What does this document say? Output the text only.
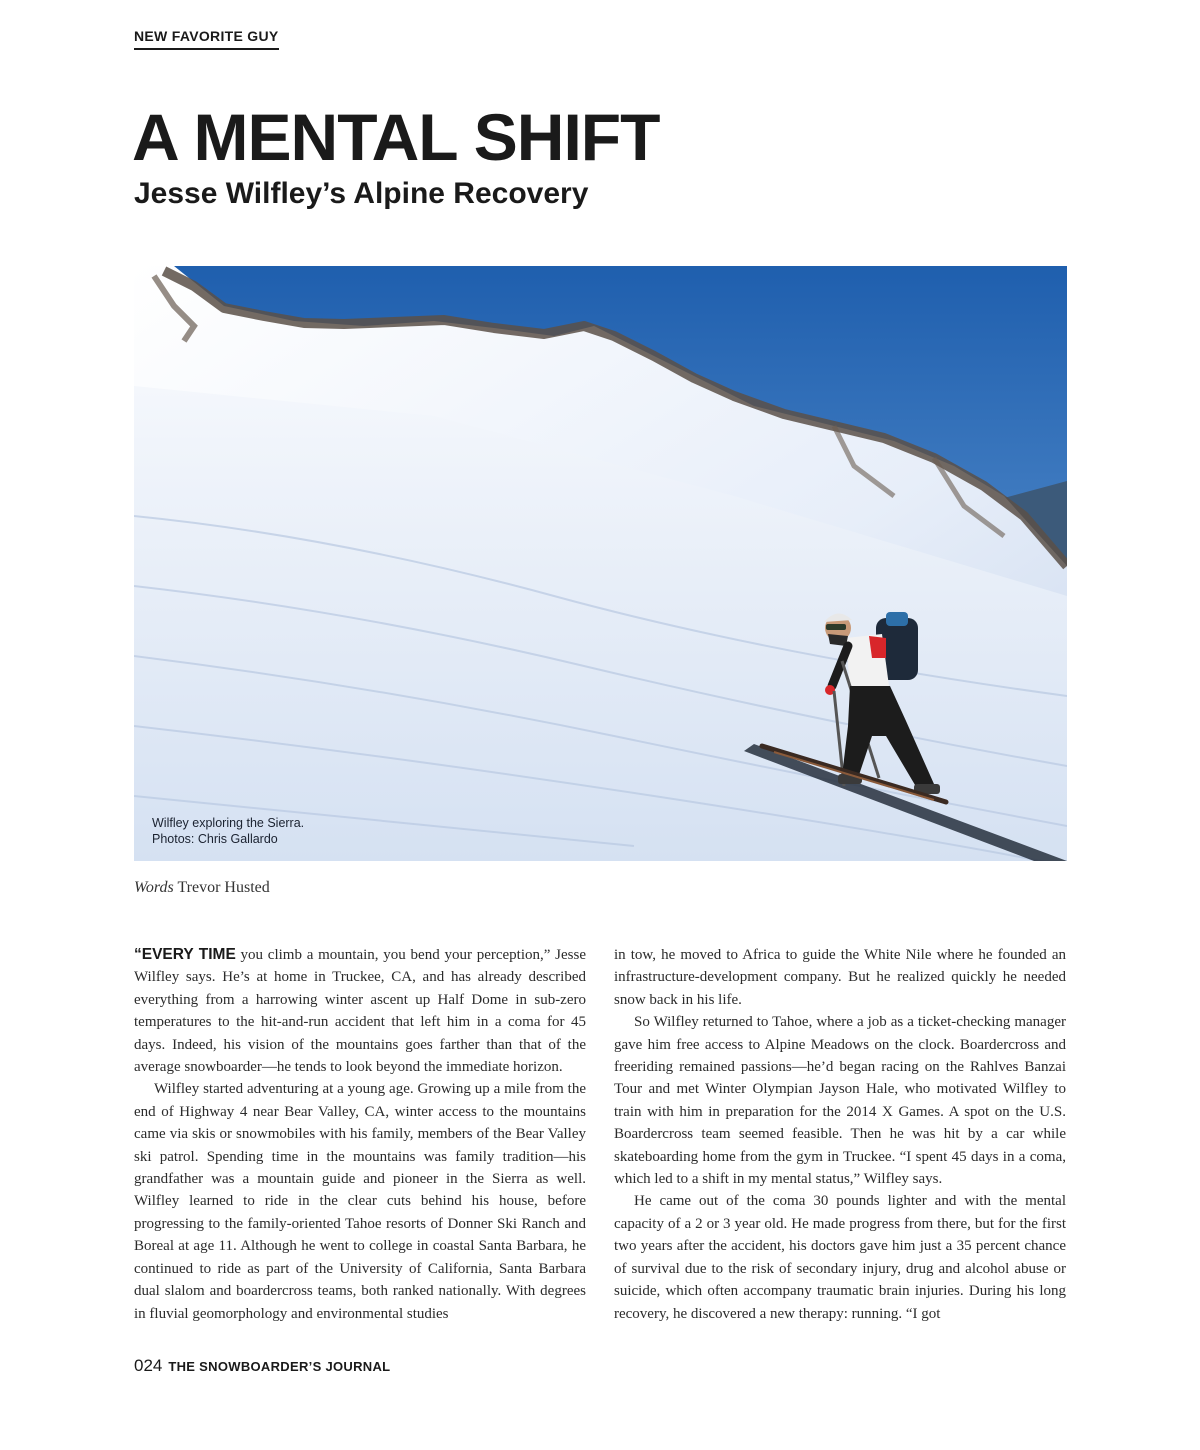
NEW FAVORITE GUY
A MENTAL SHIFT
Jesse Wilfley’s Alpine Recovery
Wilfley exploring the Sierra.
Photos: Chris Gallardo
Words Trevor Husted

“EVERY TIME you climb a mountain, you bend your perception,” Jesse Wilfley says. He’s at home in Truckee, CA, and has already described everything from a harrowing winter ascent up Half Dome in sub-zero temperatures to the hit-and-run accident that left him in a coma for 45 days. Indeed, his vision of the mountains goes farther than that of the average snowboarder—he tends to look beyond the immediate horizon.

Wilfley started adventuring at a young age. Growing up a mile from the end of Highway 4 near Bear Valley, CA, winter access to the mountains came via skis or snowmobiles with his family, members of the Bear Valley ski patrol. Spending time in the mountains was family tradition—his grandfather was a mountain guide and pioneer in the Sierra as well. Wilfley learned to ride in the clear cuts behind his house, before progressing to the family-oriented Tahoe resorts of Donner Ski Ranch and Boreal at age 11. Although he went to college in coastal Santa Barbara, he continued to ride as part of the University of California, Santa Barbara dual slalom and boardercross teams, both ranked nationally. With degrees in fluvial geomorphology and environmental studies

in tow, he moved to Africa to guide the White Nile where he founded an infrastructure-development company. But he realized quickly he needed snow back in his life.

So Wilfley returned to Tahoe, where a job as a ticket-checking manager gave him free access to Alpine Meadows on the clock. Boardercross and freeriding remained passions—he’d began racing on the Rahlves Banzai Tour and met Winter Olympian Jayson Hale, who motivated Wilfley to train with him in preparation for the 2014 X Games. A spot on the U.S. Boardercross team seemed feasible. Then he was hit by a car while skateboarding home from the gym in Truckee. “I spent 45 days in a coma, which led to a shift in my mental status,” Wilfley says.

He came out of the coma 30 pounds lighter and with the mental capacity of a 2 or 3 year old. He made progress from there, but for the first two years after the accident, his doctors gave him just a 35 percent chance of survival due to the risk of secondary injury, drug and alcohol abuse or suicide, which often accompany traumatic brain injuries. During his long recovery, he discovered a new therapy: running. “I got

024 THE SNOWBOARDER’S JOURNAL
